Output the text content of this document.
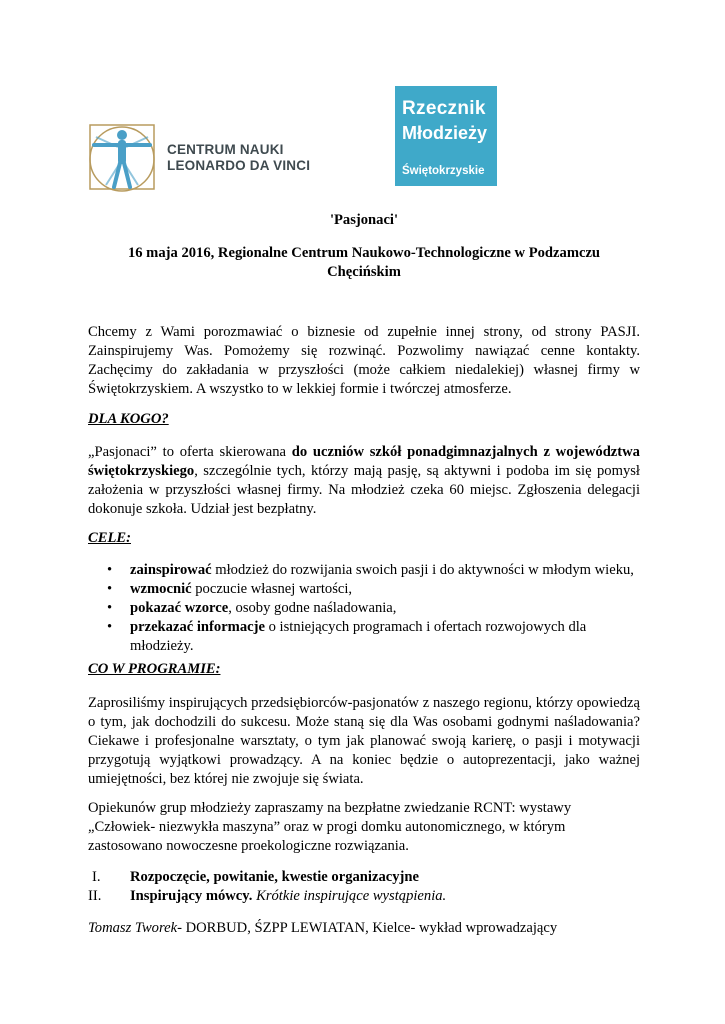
CENTRUM NAUKI
LEONARDO DA VINCI
Rzecznik
Młodzieży
Świętokrzyskie
'Pasjonaci'
16 maja 2016, Regionalne Centrum Naukowo-Technologiczne w Podzamczu
Chęcińskim
Chcemy z Wami porozmawiać o biznesie od zupełnie innej strony, od strony PASJI. Zainspirujemy Was. Pomożemy się rozwinąć. Pozwolimy nawiązać cenne kontakty. Zachęcimy do zakładania w przyszłości (może całkiem niedalekiej) własnej firmy w Świętokrzyskiem. A wszystko to w lekkiej formie i twórczej atmosferze.
DLA KOGO?
„Pasjonaci” to oferta skierowana do uczniów szkół ponadgimnazjalnych z województwa świętokrzyskiego, szczególnie tych, którzy mają pasję, są aktywni i podoba im się pomysł założenia w przyszłości własnej firmy. Na młodzież czeka 60 miejsc. Zgłoszenia delegacji dokonuje szkoła. Udział jest bezpłatny.
CELE:
• zainspirować młodzież do rozwijania swoich pasji i do aktywności w młodym wieku,
• wzmocnić poczucie własnej wartości,
• pokazać wzorce, osoby godne naśladowania,
• przekazać informacje o istniejących programach i ofertach rozwojowych dla młodzieży.
CO W PROGRAMIE:
Zaprosiliśmy inspirujących przedsiębiorców-pasjonatów z naszego regionu, którzy opowiedzą o tym, jak dochodzili do sukcesu. Może staną się dla Was osobami godnymi naśladowania? Ciekawe i profesjonalne warsztaty, o tym jak planować swoją karierę, o pasji i motywacji przygotują wyjątkowi prowadzący. A na koniec będzie o autoprezentacji, jako ważnej umiejętności, bez której nie zwojuje się świata.
Opiekunów grup młodzieży zapraszamy na bezpłatne zwiedzanie RCNT: wystawy
„Człowiek- niezwykła maszyna” oraz w progi domku autonomicznego, w którym
zastosowano nowoczesne proekologiczne rozwiązania.
I. Rozpoczęcie, powitanie, kwestie organizacyjne
II. Inspirujący mówcy. Krótkie inspirujące wystąpienia.
Tomasz Tworek- DORBUD, ŚZPP LEWIATAN, Kielce- wykład wprowadzający
